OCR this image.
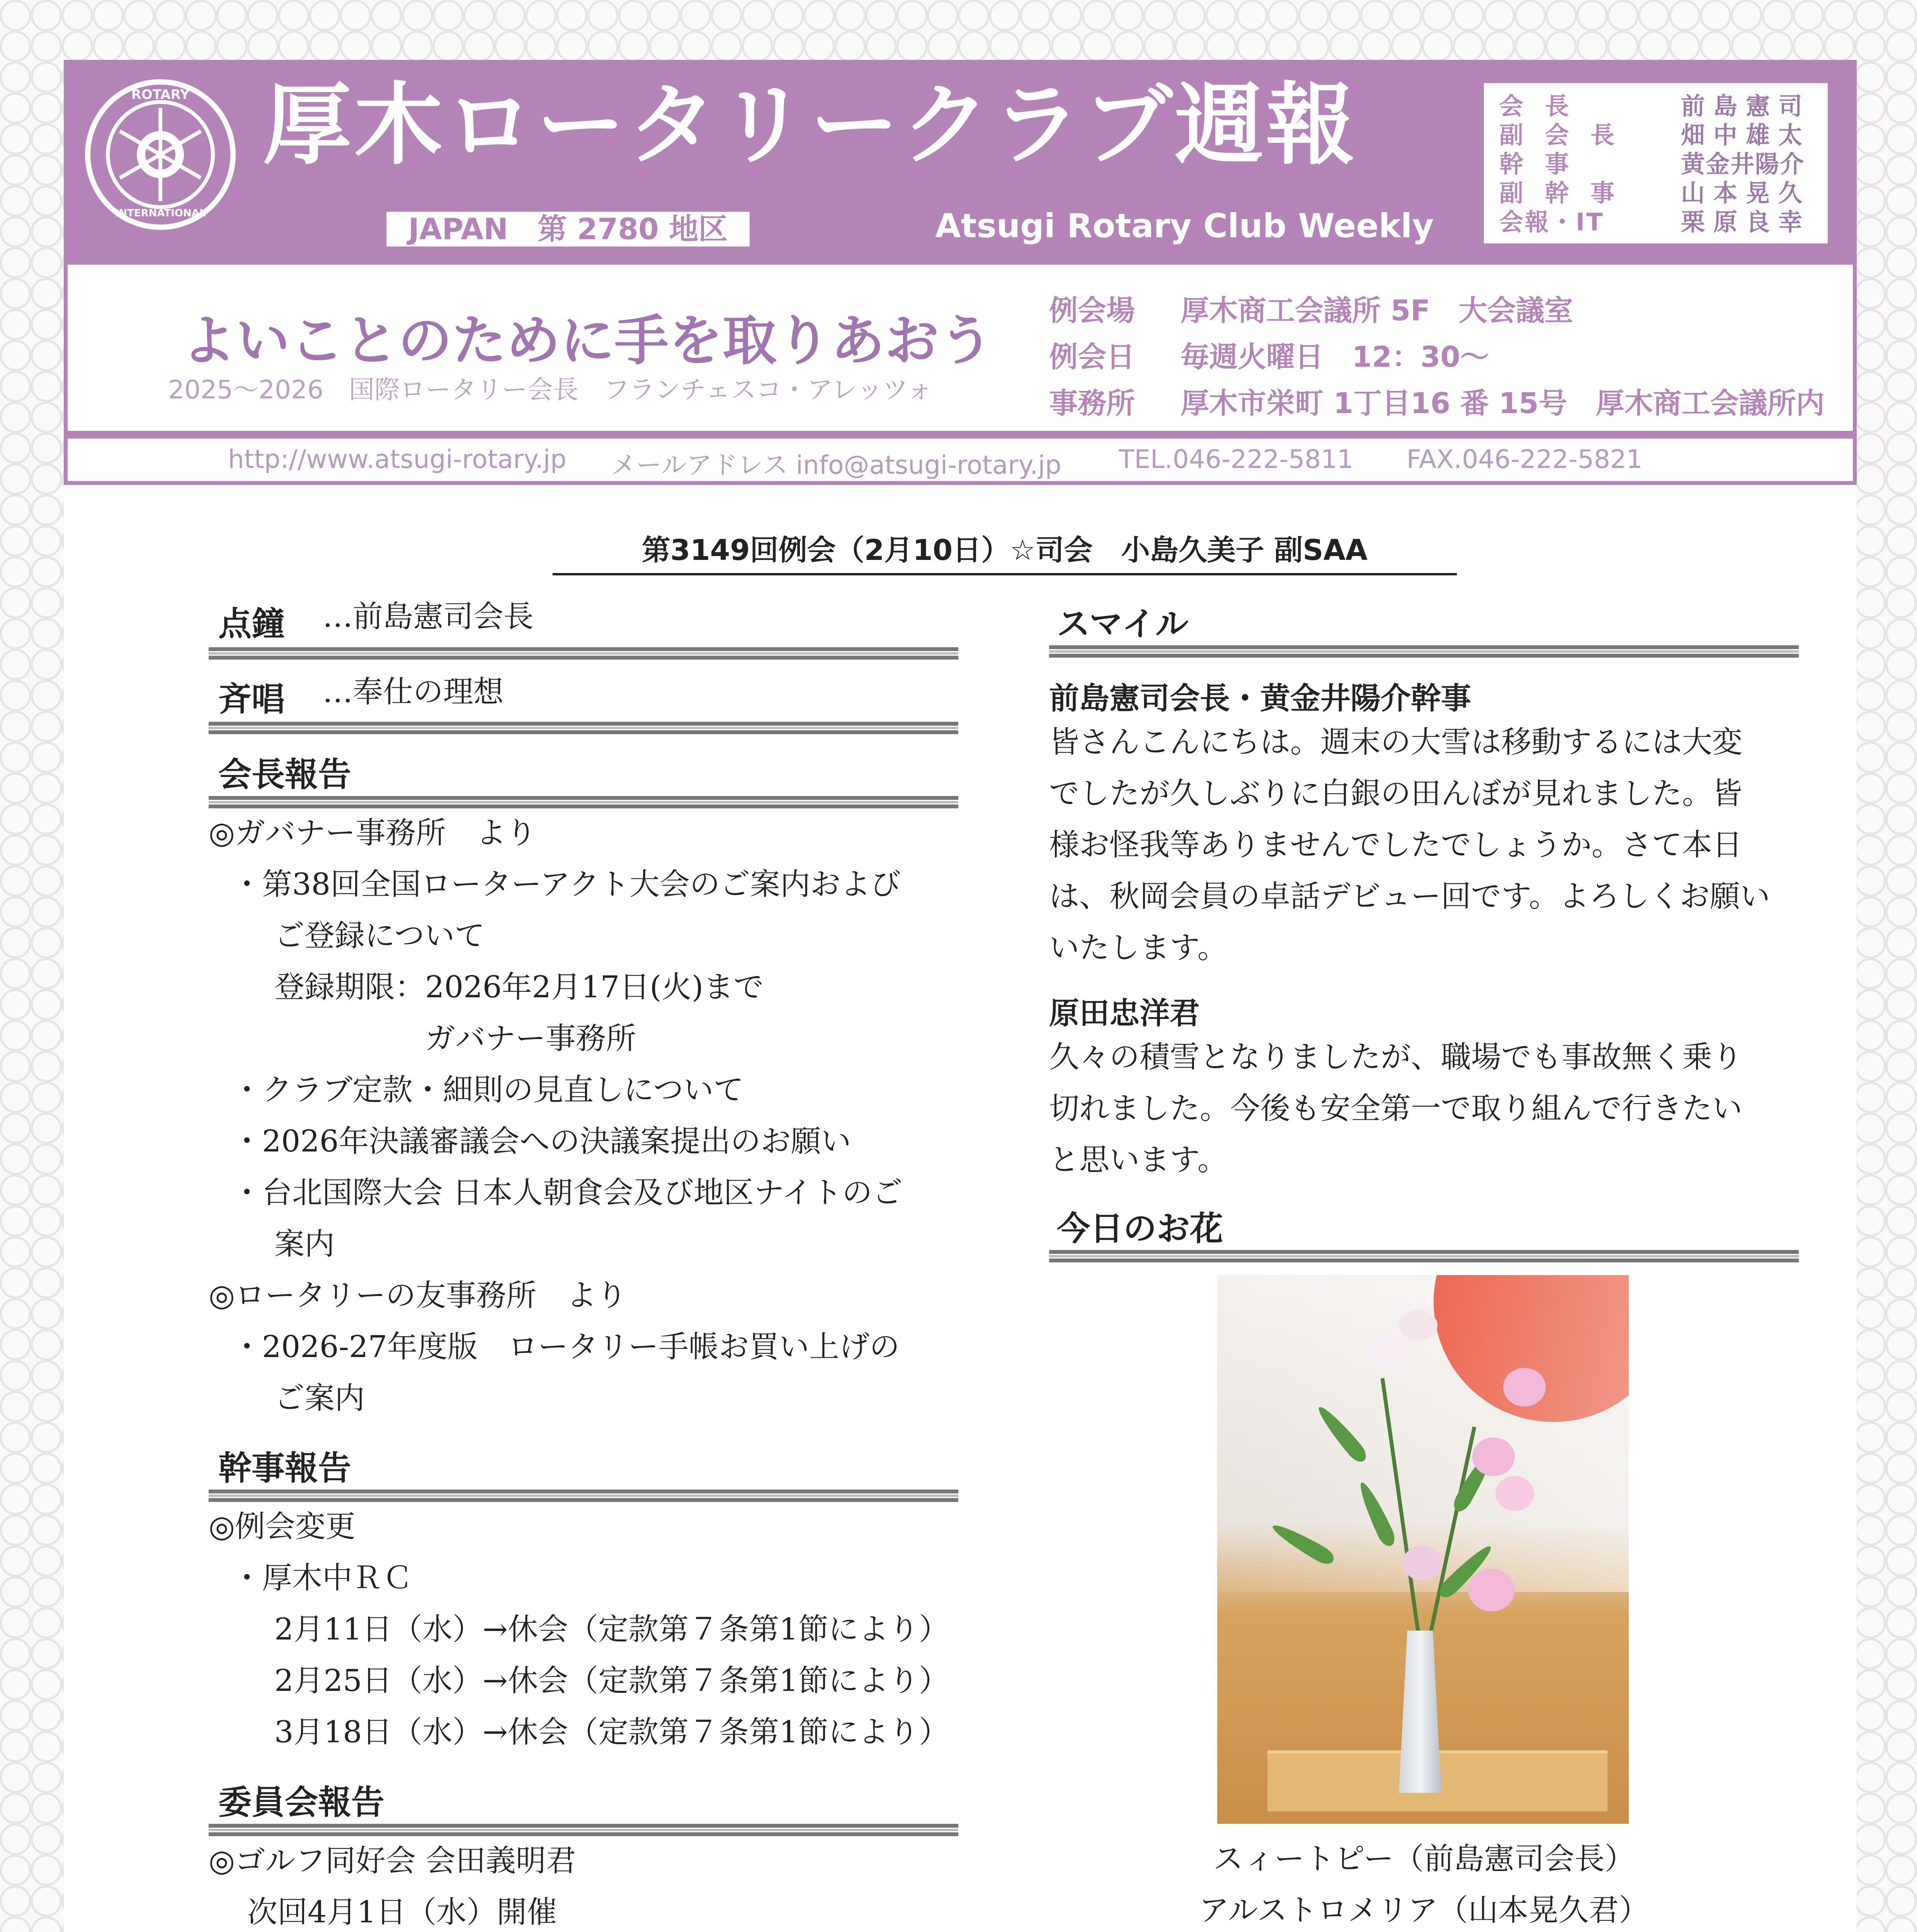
ROTARY
INTERNATIONAL
厚木ロータリークラブ週報
JAPAN　第 2780 地区	Atsugi Rotary Club Weekly
会長	前島憲司
副会長	畑中雄太
幹事	黄金井陽介
副幹事	山本晃久
会報・IT	栗原良幸
よいことのために手を取りあおう
2025～2026　国際ロータリー会長　フランチェスコ・アレッツォ
例会場 厚木商工会議所 5F　大会議室
例会日 毎週火曜日　12：30～
事務所 厚木市栄町 1丁目16 番 15号　厚木商工会議所内
http://www.atsugi-rotary.jp メールアドレス info@atsugi-rotary.jp TEL.046-222-5811 FAX.046-222-5821
第3149回例会（2月10日）☆司会　小島久美子 副SAA
点鐘 …前島憲司会長
斉唱 …奉仕の理想
会長報告
◎ガバナー事務所　より
・第38回全国ローターアクト大会のご案内および
ご登録について
登録期限：2026年2月17日(火)まで
ガバナー事務所
・クラブ定款・細則の見直しについて
・2026年決議審議会への決議案提出のお願い
・台北国際大会 日本人朝食会及び地区ナイトのご
案内
◎ロータリーの友事務所　より
・2026-27年度版　ロータリー手帳お買い上げの
ご案内
幹事報告
◎例会変更
・厚木中ＲＣ
2月11日（水）→休会（定款第７条第1節により）
2月25日（水）→休会（定款第７条第1節により）
3月18日（水）→休会（定款第７条第1節により）
委員会報告
◎ゴルフ同好会 会田義明君
次回4月1日（水）開催
スマイル
前島憲司会長・黄金井陽介幹事
皆さんこんにちは。週末の大雪は移動するには大変
でしたが久しぶりに白銀の田んぼが見れました。皆
様お怪我等ありませんでしたでしょうか。さて本日
は、秋岡会員の卓話デビュー回です。よろしくお願い
いたします。
原田忠洋君
久々の積雪となりましたが、職場でも事故無く乗り
切れました。今後も安全第一で取り組んで行きたい
と思います。
今日のお花
スィートピー（前島憲司会長）
アルストロメリア（山本晃久君）
